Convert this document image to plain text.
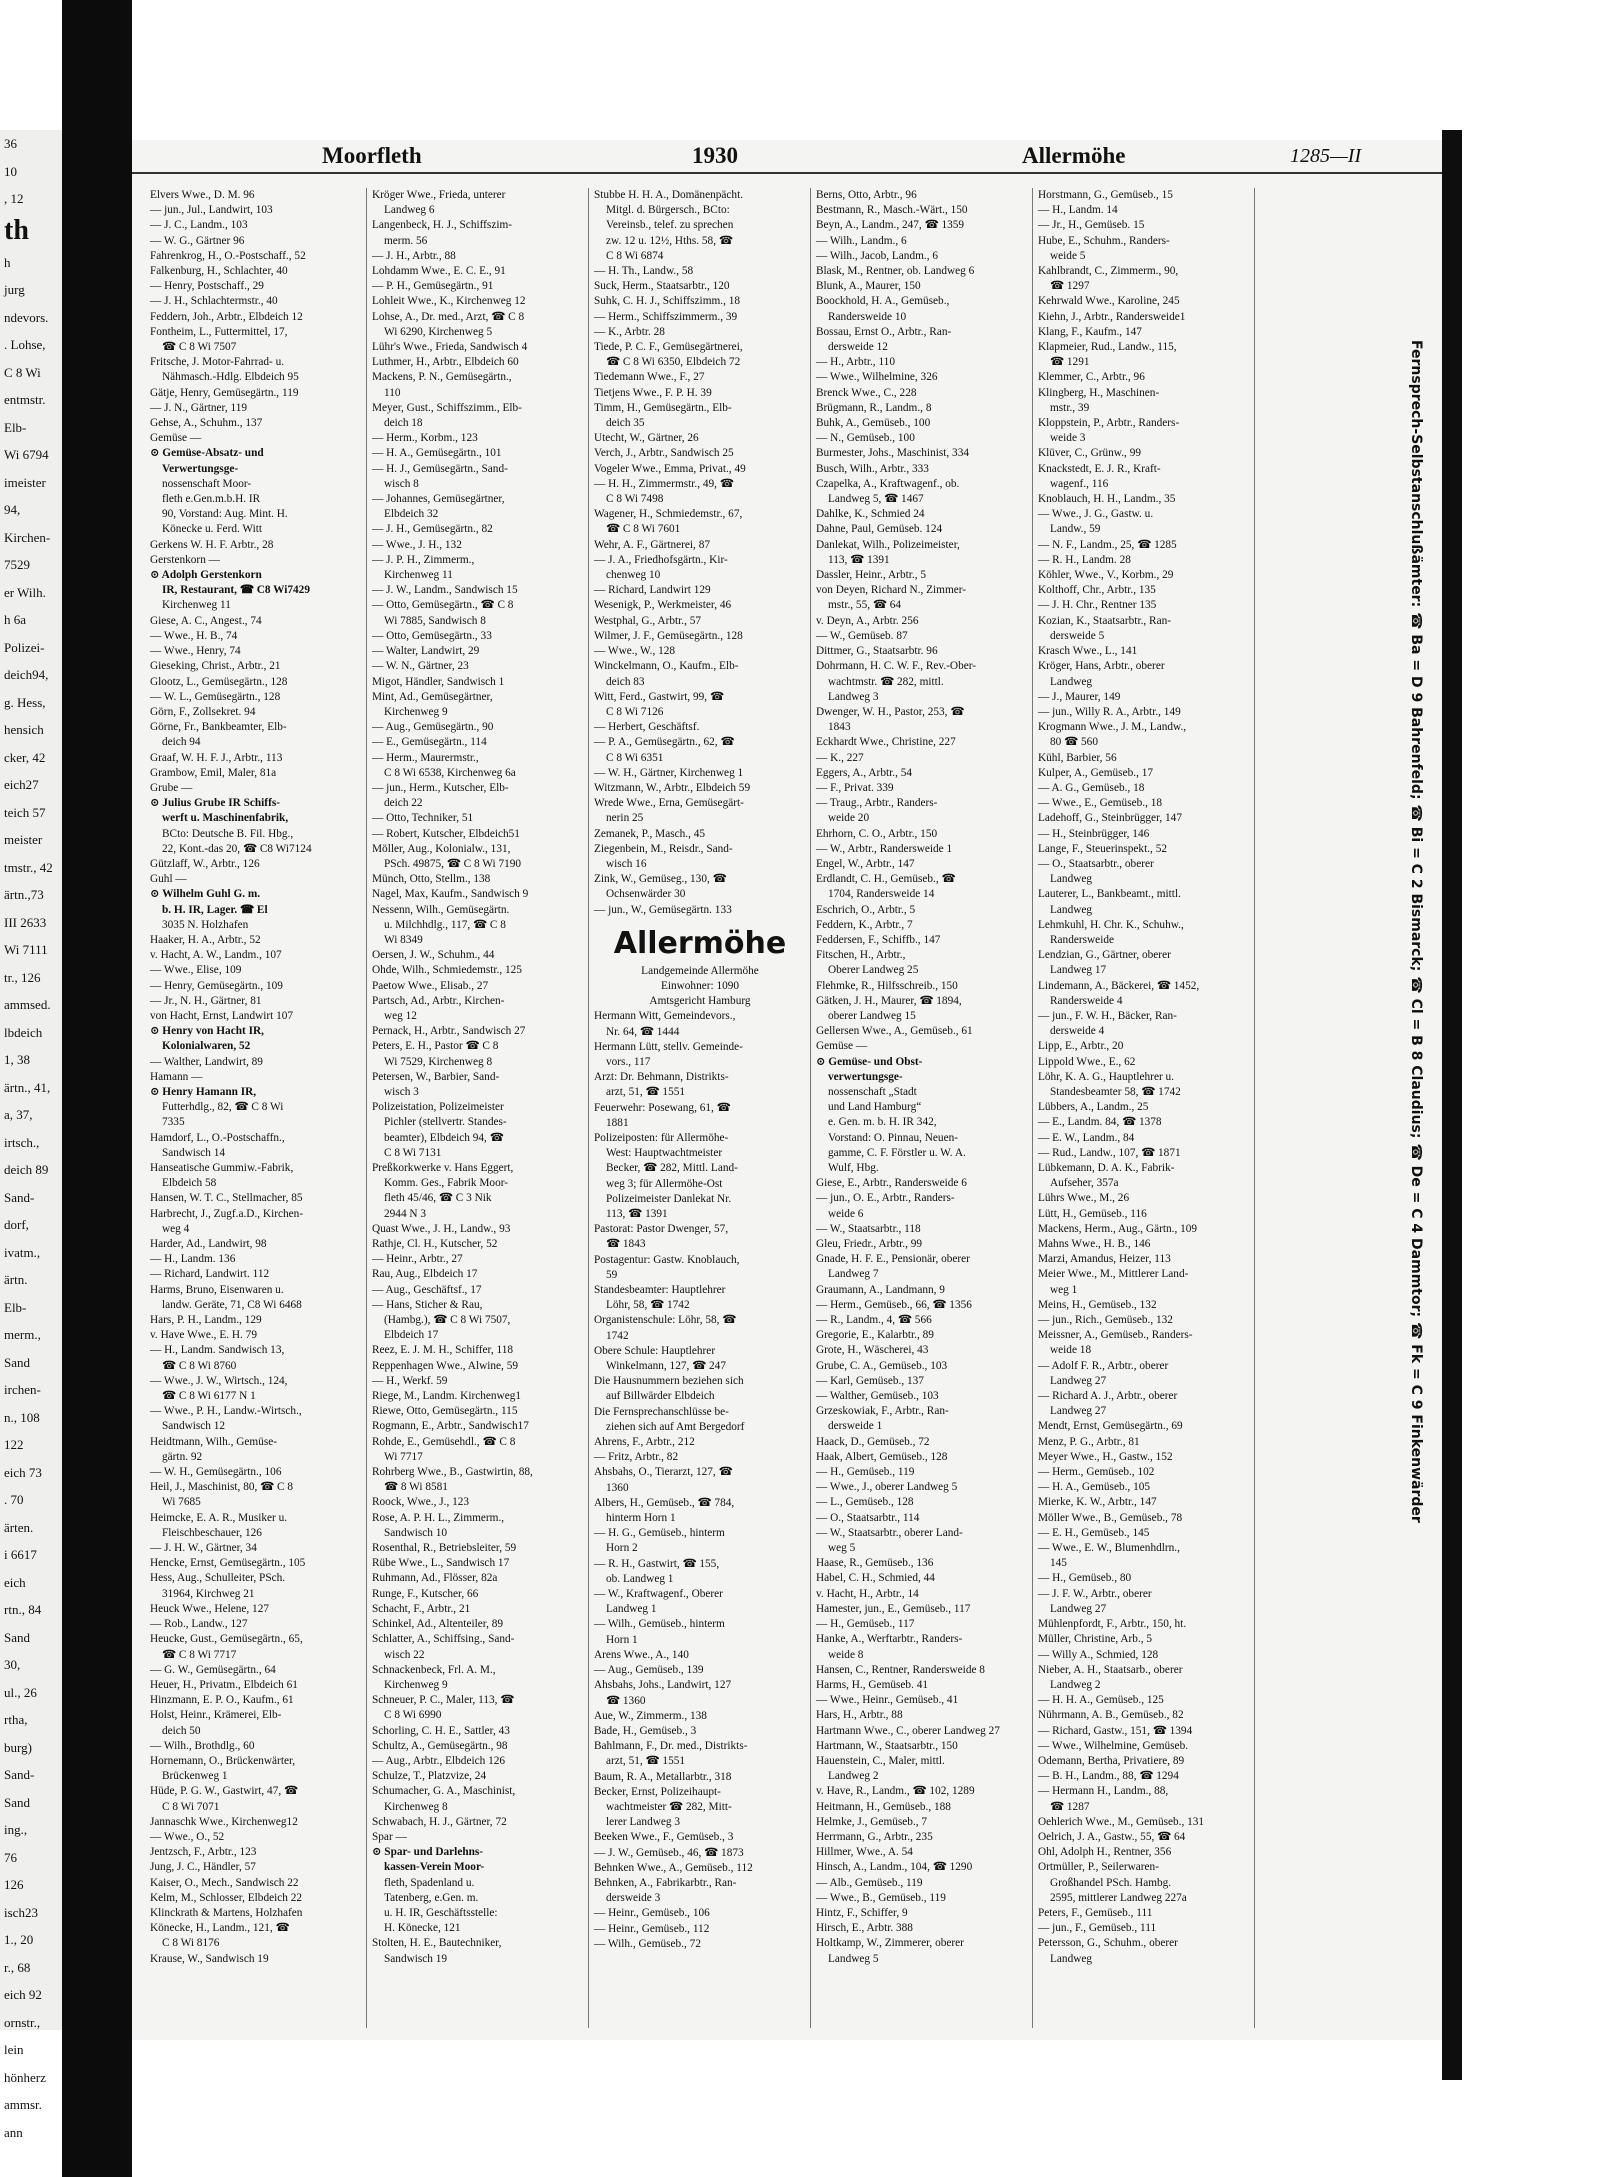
36
10
, 12
th
h
jurg
ndevors.
. Lohse,
C 8 Wi
entmstr.
Elb-
Wi 6794
imeister
94,
Kirchen-
7529
er Wilh.
h 6a
Polizei-
deich94,
g. Hess,
hensich
cker, 42
eich27
teich 57
meister
tmstr., 42
ärtn.,73
III 2633
Wi 7111
tr., 126
ammsed.
lbdeich
1, 38
ärtn., 41,
a, 37,
irtsch.,
deich 89
Sand-
dorf,
ivatm.,
ärtn.
Elb-
merm.,
Sand
irchen-
n., 108
122
eich 73
. 70
ärten.
i 6617
eich
rtn., 84
Sand
30,
ul., 26
rtha,
burg)
Sand-
Sand
ing.,
76
126
isch23
1., 20
r., 68
eich 92
ornstr.,
lein
hönherz
ammsr.
ann
Moorfleth	1930	Allermöhe	1285—II
Elvers Wwe., D. M. 96
— jun., Jul., Landwirt, 103
— J. C., Landm., 103
— W. G., Gärtner 96
Fahrenkrog, H., O.-Postschaff., 52
Falkenburg, H., Schlachter, 40
— Henry, Postschaff., 29
— J. H., Schlachtermstr., 40
Feddern, Joh., Arbtr., Elbdeich 12
Fontheim, L., Futtermittel, 17,
☎ C 8 Wi 7507
Fritsche, J. Motor-Fahrrad- u.
Nähmasch.-Hdlg. Elbdeich 95
Gätje, Henry, Gemüsegärtn., 119
— J. N., Gärtner, 119
Gehse, A., Schuhm., 137
Gemüse —
⊙ Gemüse-Absatz- und
Verwertungsge-
nossenschaft Moor-
fleth e.Gen.m.b.H. IR
90, Vorstand: Aug. Mint. H.
Könecke u. Ferd. Witt
Gerkens W. H. F. Arbtr., 28
Gerstenkorn —
⊙ Adolph Gerstenkorn
IR, Restaurant, ☎ C8 Wi7429
Kirchenweg 11
Giese, A. C., Angest., 74
— Wwe., H. B., 74
— Wwe., Henry, 74
Gieseking, Christ., Arbtr., 21
Glootz, L., Gemüsegärtn., 128
— W. L., Gemüsegärtn., 128
Görn, F., Zollsekret. 94
Görne, Fr., Bankbeamter, Elb-
deich 94
Graaf, W. H. F. J., Arbtr., 113
Grambow, Emil, Maler, 81a
Grube —
⊙ Julius Grube IR Schiffs-
werft u. Maschinenfabrik,
BCto: Deutsche B. Fil. Hbg.,
22, Kont.-das 20, ☎ C8 Wi7124
Gützlaff, W., Arbtr., 126
Guhl —
⊙ Wilhelm Guhl G. m.
b. H. IR, Lager. ☎ El
3035 N. Holzhafen
Haaker, H. A., Arbtr., 52
v. Hacht, A. W., Landm., 107
— Wwe., Elise, 109
— Henry, Gemüsegärtn., 109
— Jr., N. H., Gärtner, 81
von Hacht, Ernst, Landwirt 107
⊙ Henry von Hacht IR,
Kolonialwaren, 52
— Walther, Landwirt, 89
Hamann —
⊙ Henry Hamann IR,
Futterhdlg., 82, ☎ C 8 Wi
7335
Hamdorf, L., O.-Postschaffn.,
Sandwisch 14
Hanseatische Gummiw.-Fabrik,
Elbdeich 58
Hansen, W. T. C., Stellmacher, 85
Harbrecht, J., Zugf.a.D., Kirchen-
weg 4
Harder, Ad., Landwirt, 98
— H., Landm. 136
— Richard, Landwirt. 112
Harms, Bruno, Eisenwaren u.
landw. Geräte, 71, C8 Wi 6468
Hars, P. H., Landm., 129
v. Have Wwe., E. H. 79
— H., Landm. Sandwisch 13,
☎ C 8 Wi 8760
— Wwe., J. W., Wirtsch., 124,
☎ C 8 Wi 6177 N 1
— Wwe., P. H., Landw.-Wirtsch.,
Sandwisch 12
Heidtmann, Wilh., Gemüse-
gärtn. 92
— W. H., Gemüsegärtn., 106
Heil, J., Maschinist, 80, ☎ C 8
Wi 7685
Heimcke, E. A. R., Musiker u.
Fleischbeschauer, 126
— J. H. W., Gärtner, 34
Hencke, Ernst, Gemüsegärtn., 105
Hess, Aug., Schulleiter, PSch.
31964, Kirchweg 21
Heuck Wwe., Helene, 127
— Rob., Landw., 127
Heucke, Gust., Gemüsegärtn., 65,
☎ C 8 Wi 7717
— G. W., Gemüsegärtn., 64
Heuer, H., Privatm., Elbdeich 61
Hinzmann, E. P. O., Kaufm., 61
Holst, Heinr., Krämerei, Elb-
deich 50
— Wilh., Brothdlg., 60
Hornemann, O., Brückenwärter,
Brückenweg 1
Hüde, P. G. W., Gastwirt, 47, ☎
C 8 Wi 7071
Jannaschk Wwe., Kirchenweg12
— Wwe., O., 52
Jentzsch, F., Arbtr., 123
Jung, J. C., Händler, 57
Kaiser, O., Mech., Sandwisch 22
Kelm, M., Schlosser, Elbdeich 22
Klinckrath & Martens, Holzhafen
Könecke, H., Landm., 121, ☎
C 8 Wi 8176
Krause, W., Sandwisch 19
Kröger Wwe., Frieda, unterer
Landweg 6
Langenbeck, H. J., Schiffszim-
merm. 56
— J. H., Arbtr., 88
Lohdamm Wwe., E. C. E., 91
— P. H., Gemüsegärtn., 91
Lohleit Wwe., K., Kirchenweg 12
Lohse, A., Dr. med., Arzt, ☎ C 8
Wi 6290, Kirchenweg 5
Lühr's Wwe., Frieda, Sandwisch 4
Luthmer, H., Arbtr., Elbdeich 60
Mackens, P. N., Gemüsegärtn.,
110
Meyer, Gust., Schiffszimm., Elb-
deich 18
— Herm., Korbm., 123
— H. A., Gemüsegärtn., 101
— H. J., Gemüsegärtn., Sand-
wisch 8
— Johannes, Gemüsegärtner,
Elbdeich 32
— J. H., Gemüsegärtn., 82
— Wwe., J. H., 132
— J. P. H., Zimmerm.,
Kirchenweg 11
— J. W., Landm., Sandwisch 15
— Otto, Gemüsegärtn., ☎ C 8
Wi 7885, Sandwisch 8
— Otto, Gemüsegärtn., 33
— Walter, Landwirt, 29
— W. N., Gärtner, 23
Migot, Händler, Sandwisch 1
Mint, Ad., Gemüsegärtner,
Kirchenweg 9
— Aug., Gemüsegärtn., 90
— E., Gemüsegärtn., 114
— Herm., Maurermstr.,
C 8 Wi 6538, Kirchenweg 6a
— jun., Herm., Kutscher, Elb-
deich 22
— Otto, Techniker, 51
— Robert, Kutscher, Elbdeich51
Möller, Aug., Kolonialw., 131,
PSch. 49875, ☎ C 8 Wi 7190
Münch, Otto, Stellm., 138
Nagel, Max, Kaufm., Sandwisch 9
Nessenn, Wilh., Gemüsegärtn.
u. Milchhdlg., 117, ☎ C 8
Wi 8349
Oersen, J. W., Schuhm., 44
Ohde, Wilh., Schmiedemstr., 125
Paetow Wwe., Elisab., 27
Partsch, Ad., Arbtr., Kirchen-
weg 12
Pernack, H., Arbtr., Sandwisch 27
Peters, E. H., Pastor ☎ C 8
Wi 7529, Kirchenweg 8
Petersen, W., Barbier, Sand-
wisch 3
Polizeistation, Polizeimeister
Pichler (stellvertr. Standes-
beamter), Elbdeich 94, ☎
C 8 Wi 7131
Preßkorkwerke v. Hans Eggert,
Komm. Ges., Fabrik Moor-
fleth 45/46, ☎ C 3 Nik
2944 N 3
Quast Wwe., J. H., Landw., 93
Rathje, Cl. H., Kutscher, 52
— Heinr., Arbtr., 27
Rau, Aug., Elbdeich 17
— Aug., Geschäftsf., 17
— Hans, Sticher & Rau,
(Hambg.), ☎ C 8 Wi 7507,
Elbdeich 17
Reez, E. J. M. H., Schiffer, 118
Reppenhagen Wwe., Alwine, 59
— H., Werkf. 59
Riege, M., Landm. Kirchenweg1
Riewe, Otto, Gemüsegärtn., 115
Rogmann, E., Arbtr., Sandwisch17
Rohde, E., Gemüsehdl., ☎ C 8
Wi 7717
Rohrberg Wwe., B., Gastwirtin, 88,
☎ 8 Wi 8581
Roock, Wwe., J., 123
Rose, A. P. H. L., Zimmerm.,
Sandwisch 10
Rosenthal, R., Betriebsleiter, 59
Rübe Wwe., L., Sandwisch 17
Ruhmann, Ad., Flösser, 82a
Runge, F., Kutscher, 66
Schacht, F., Arbtr., 21
Schinkel, Ad., Altenteiler, 89
Schlatter, A., Schiffsing., Sand-
wisch 22
Schnackenbeck, Frl. A. M.,
Kirchenweg 9
Schneuer, P. C., Maler, 113, ☎
C 8 Wi 6990
Schorling, C. H. E., Sattler, 43
Schultz, A., Gemüsegärtn., 98
— Aug., Arbtr., Elbdeich 126
Schulze, T., Platzvize, 24
Schumacher, G. A., Maschinist,
Kirchenweg 8
Schwabach, H. J., Gärtner, 72
Spar —
⊙ Spar- und Darlehns-
kassen-Verein Moor-
fleth, Spadenland u.
Tatenberg, e.Gen. m.
u. H. IR, Geschäftsstelle:
H. Könecke, 121
Stolten, H. E., Bautechniker,
Sandwisch 19
Stubbe H. H. A., Domänenpächt.
Mitgl. d. Bürgersch., BCto:
Vereinsb., telef. zu sprechen
zw. 12 u. 12½, Hths. 58, ☎
C 8 Wi 6874
— H. Th., Landw., 58
Suck, Herm., Staatsarbtr., 120
Suhk, C. H. J., Schiffszimm., 18
— Herm., Schiffszimmerm., 39
— K., Arbtr. 28
Tiede, P. C. F., Gemüsegärtnerei,
☎ C 8 Wi 6350, Elbdeich 72
Tiedemann Wwe., F., 27
Tietjens Wwe., F. P. H. 39
Timm, H., Gemüsegärtn., Elb-
deich 35
Utecht, W., Gärtner, 26
Verch, J., Arbtr., Sandwisch 25
Vogeler Wwe., Emma, Privat., 49
— H. H., Zimmermstr., 49, ☎
C 8 Wi 7498
Wagener, H., Schmiedemstr., 67,
☎ C 8 Wi 7601
Wehr, A. F., Gärtnerei, 87
— J. A., Friedhofsgärtn., Kir-
chenweg 10
— Richard, Landwirt 129
Wesenigk, P., Werkmeister, 46
Westphal, G., Arbtr., 57
Wilmer, J. F., Gemüsegärtn., 128
— Wwe., W., 128
Winckelmann, O., Kaufm., Elb-
deich 83
Witt, Ferd., Gastwirt, 99, ☎
C 8 Wi 7126
— Herbert, Geschäftsf.
— P. A., Gemüsegärtn., 62, ☎
C 8 Wi 6351
— W. H., Gärtner, Kirchenweg 1
Witzmann, W., Arbtr., Elbdeich 59
Wrede Wwe., Erna, Gemüsegärt-
nerin 25
Zemanek, P., Masch., 45
Ziegenbein, M., Reisdr., Sand-
wisch 16
Zink, W., Gemüseg., 130, ☎
Ochsenwärder 30
— jun., W., Gemüsegärtn. 133
Allermöhe
Landgemeinde Allermöhe
Einwohner: 1090
Amtsgericht Hamburg
Hermann Witt, Gemeindevors.,
Nr. 64, ☎ 1444
Hermann Lütt, stellv. Gemeinde-
vors., 117
Arzt: Dr. Behmann, Distrikts-
arzt, 51, ☎ 1551
Feuerwehr: Posewang, 61, ☎
1881
Polizeiposten: für Allermöhe-
West: Hauptwachtmeister
Becker, ☎ 282, Mittl. Land-
weg 3; für Allermöhe-Ost
Polizeimeister Danlekat Nr.
113, ☎ 1391
Pastorat: Pastor Dwenger, 57,
☎ 1843
Postagentur: Gastw. Knoblauch,
59
Standesbeamter: Hauptlehrer
Löhr, 58, ☎ 1742
Organistenschule: Löhr, 58, ☎
1742
Obere Schule: Hauptlehrer
Winkelmann, 127, ☎ 247
Die Hausnummern beziehen sich
auf Billwärder Elbdeich
Die Fernsprechanschlüsse be-
ziehen sich auf Amt Bergedorf
Ahrens, F., Arbtr., 212
— Fritz, Arbtr., 82
Ahsbahs, O., Tierarzt, 127, ☎
1360
Albers, H., Gemüseb., ☎ 784,
hinterm Horn 1
— H. G., Gemüseb., hinterm
Horn 2
— R. H., Gastwirt, ☎ 155,
ob. Landweg 1
— W., Kraftwagenf., Oberer
Landweg 1
— Wilh., Gemüseb., hinterm
Horn 1
Arens Wwe., A., 140
— Aug., Gemüseb., 139
Ahsbahs, Johs., Landwirt, 127
☎ 1360
Aue, W., Zimmerm., 138
Bade, H., Gemüseb., 3
Bahlmann, F., Dr. med., Distrikts-
arzt, 51, ☎ 1551
Baum, R. A., Metallarbtr., 318
Becker, Ernst, Polizeihaupt-
wachtmeister ☎ 282, Mitt-
lerer Landweg 3
Beeken Wwe., F., Gemüseb., 3
— J. W., Gemüseb., 46, ☎ 1873
Behnken Wwe., A., Gemüseb., 112
Behnken, A., Fabrikarbtr., Ran-
dersweide 3
— Heinr., Gemüseb., 106
— Heinr., Gemüseb., 112
— Wilh., Gemüseb., 72
Berns, Otto, Arbtr., 96
Bestmann, R., Masch.-Wärt., 150
Beyn, A., Landm., 247, ☎ 1359
— Wilh., Landm., 6
— Wilh., Jacob, Landm., 6
Blask, M., Rentner, ob. Landweg 6
Blunk, A., Maurer, 150
Boockhold, H. A., Gemüseb.,
Randersweide 10
Bossau, Ernst O., Arbtr., Ran-
dersweide 12
— H., Arbtr., 110
— Wwe., Wilhelmine, 326
Brenck Wwe., C., 228
Brügmann, R., Landm., 8
Buhk, A., Gemüseb., 100
— N., Gemüseb., 100
Burmester, Johs., Maschinist, 334
Busch, Wilh., Arbtr., 333
Czapelka, A., Kraftwagenf., ob.
Landweg 5, ☎ 1467
Dahlke, K., Schmied 24
Dahne, Paul, Gemüseb. 124
Danlekat, Wilh., Polizeimeister,
113, ☎ 1391
Dassler, Heinr., Arbtr., 5
von Deyen, Richard N., Zimmer-
mstr., 55, ☎ 64
v. Deyn, A., Arbtr. 256
— W., Gemüseb. 87
Dittmer, G., Staatsarbtr. 96
Dohrmann, H. C. W. F., Rev.-Ober-
wachtmstr. ☎ 282, mittl.
Landweg 3
Dwenger, W. H., Pastor, 253, ☎
1843
Eckhardt Wwe., Christine, 227
— K., 227
Eggers, A., Arbtr., 54
— F., Privat. 339
— Traug., Arbtr., Randers-
weide 20
Ehrhorn, C. O., Arbtr., 150
— W., Arbtr., Randersweide 1
Engel, W., Arbtr., 147
Erdlandt, C. H., Gemüseb., ☎
1704, Randersweide 14
Eschrich, O., Arbtr., 5
Feddern, K., Arbtr., 7
Feddersen, F., Schiffb., 147
Fitschen, H., Arbtr.,
Oberer Landweg 25
Flehmke, R., Hilfsschreib., 150
Gätken, J. H., Maurer, ☎ 1894,
oberer Landweg 15
Gellersen Wwe., A., Gemüseb., 61
Gemüse —
⊙ Gemüse- und Obst-
verwertungsge-
nossenschaft „Stadt
und Land Hamburg“
e. Gen. m. b. H. IR 342,
Vorstand: O. Pinnau, Neuen-
gamme, C. F. Förstler u. W. A.
Wulf, Hbg.
Giese, E., Arbtr., Randersweide 6
— jun., O. E., Arbtr., Randers-
weide 6
— W., Staatsarbtr., 118
Gleu, Friedr., Arbtr., 99
Gnade, H. F. E., Pensionär, oberer
Landweg 7
Graumann, A., Landmann, 9
— Herm., Gemüseb., 66, ☎ 1356
— R., Landm., 4, ☎ 566
Gregorie, E., Kalarbtr., 89
Grote, H., Wäscherei, 43
Grube, C. A., Gemüseb., 103
— Karl, Gemüseb., 137
— Walther, Gemüseb., 103
Grzeskowiak, F., Arbtr., Ran-
dersweide 1
Haack, D., Gemüseb., 72
Haak, Albert, Gemüseb., 128
— H., Gemüseb., 119
— Wwe., J., oberer Landweg 5
— L., Gemüseb., 128
— O., Staatsarbtr., 114
— W., Staatsarbtr., oberer Land-
weg 5
Haase, R., Gemüseb., 136
Habel, C. H., Schmied, 44
v. Hacht, H., Arbtr., 14
Hamester, jun., E., Gemüseb., 117
— H., Gemüseb., 117
Hanke, A., Werftarbtr., Randers-
weide 8
Hansen, C., Rentner, Randersweide 8
Harms, H., Gemüseb. 41
— Wwe., Heinr., Gemüseb., 41
Hars, H., Arbtr., 88
Hartmann Wwe., C., oberer Landweg 27
Hartmann, W., Staatsarbtr., 150
Hauenstein, C., Maler, mittl.
Landweg 2
v. Have, R., Landm., ☎ 102, 1289
Heitmann, H., Gemüseb., 188
Helmke, J., Gemüseb., 7
Herrmann, G., Arbtr., 235
Hillmer, Wwe., A. 54
Hinsch, A., Landm., 104, ☎ 1290
— Alb., Gemüseb., 119
— Wwe., B., Gemüseb., 119
Hintz, F., Schiffer, 9
Hirsch, E., Arbtr. 388
Holtkamp, W., Zimmerer, oberer
Landweg 5
Horstmann, G., Gemüseb., 15
— H., Landm. 14
— Jr., H., Gemüseb. 15
Hube, E., Schuhm., Randers-
weide 5
Kahlbrandt, C., Zimmerm., 90,
☎ 1297
Kehrwald Wwe., Karoline, 245
Kiehn, J., Arbtr., Randersweide1
Klang, F., Kaufm., 147
Klapmeier, Rud., Landw., 115,
☎ 1291
Klemmer, C., Arbtr., 96
Klingberg, H., Maschinen-
mstr., 39
Kloppstein, P., Arbtr., Randers-
weide 3
Klüver, C., Grünw., 99
Knackstedt, E. J. R., Kraft-
wagenf., 116
Knoblauch, H. H., Landm., 35
— Wwe., J. G., Gastw. u.
Landw., 59
— N. F., Landm., 25, ☎ 1285
— R. H., Landm. 28
Köhler, Wwe., V., Korbm., 29
Kolthoff, Chr., Arbtr., 135
— J. H. Chr., Rentner 135
Kozian, K., Staatsarbtr., Ran-
dersweide 5
Krasch Wwe., L., 141
Kröger, Hans, Arbtr., oberer
Landweg
— J., Maurer, 149
— jun., Willy R. A., Arbtr., 149
Krogmann Wwe., J. M., Landw.,
80 ☎ 560
Kühl, Barbier, 56
Kulper, A., Gemüseb., 17
— A. G., Gemüseb., 18
— Wwe., E., Gemüseb., 18
Ladehoff, G., Steinbrügger, 147
— H., Steinbrügger, 146
Lange, F., Steuerinspekt., 52
— O., Staatsarbtr., oberer
Landweg
Lauterer, L., Bankbeamt., mittl.
Landweg
Lehmkuhl, H. Chr. K., Schuhw.,
Randersweide
Lendzian, G., Gärtner, oberer
Landweg 17
Lindemann, A., Bäckerei, ☎ 1452,
Randersweide 4
— jun., F. W. H., Bäcker, Ran-
dersweide 4
Lipp, E., Arbtr., 20
Lippold Wwe., E., 62
Löhr, K. A. G., Hauptlehrer u.
Standesbeamter 58, ☎ 1742
Lübbers, A., Landm., 25
— E., Landm. 84, ☎ 1378
— E. W., Landm., 84
— Rud., Landw., 107, ☎ 1871
Lübkemann, D. A. K., Fabrik-
Aufseher, 357a
Lührs Wwe., M., 26
Lütt, H., Gemüseb., 116
Mackens, Herm., Aug., Gärtn., 109
Mahns Wwe., H. B., 146
Marzi, Amandus, Heizer, 113
Meier Wwe., M., Mittlerer Land-
weg 1
Meins, H., Gemüseb., 132
— jun., Rich., Gemüseb., 132
Meissner, A., Gemüseb., Randers-
weide 18
— Adolf F. R., Arbtr., oberer
Landweg 27
— Richard A. J., Arbtr., oberer
Landweg 27
Mendt, Ernst, Gemüsegärtn., 69
Menz, P. G., Arbtr., 81
Meyer Wwe., H., Gastw., 152
— Herm., Gemüseb., 102
— H. A., Gemüseb., 105
Mierke, K. W., Arbtr., 147
Möller Wwe., B., Gemüseb., 78
— E. H., Gemüseb., 145
— Wwe., E. W., Blumenhdlrn.,
145
— H., Gemüseb., 80
— J. F. W., Arbtr., oberer
Landweg 27
Mühlenpfordt, F., Arbtr., 150, ht.
Müller, Christine, Arb., 5
— Willy A., Schmied, 128
Nieber, A. H., Staatsarb., oberer
Landweg 2
— H. H. A., Gemüseb., 125
Nührmann, A. B., Gemüseb., 82
— Richard, Gastw., 151, ☎ 1394
— Wwe., Wilhelmine, Gemüseb.
Odemann, Bertha, Privatiere, 89
— B. H., Landm., 88, ☎ 1294
— Hermann H., Landm., 88,
☎ 1287
Oehlerich Wwe., M., Gemüseb., 131
Oelrich, J. A., Gastw., 55, ☎ 64
Ohl, Adolph H., Rentner, 356
Ortmüller, P., Seilerwaren-
Großhandel PSch. Hambg.
2595, mittlerer Landweg 227a
Peters, F., Gemüseb., 111
— jun., F., Gemüseb., 111
Petersson, G., Schuhm., oberer
Landweg
Fernsprech-Selbstanschlußämter: ☎ Ba = D 9 Bahrenfeld; ☎ Bi = C 2 Bismarck; ☎ Cl = B 8 Claudius; ☎ De = C 4 Dammtor; ☎ Fk = C 9 Finkenwärder
